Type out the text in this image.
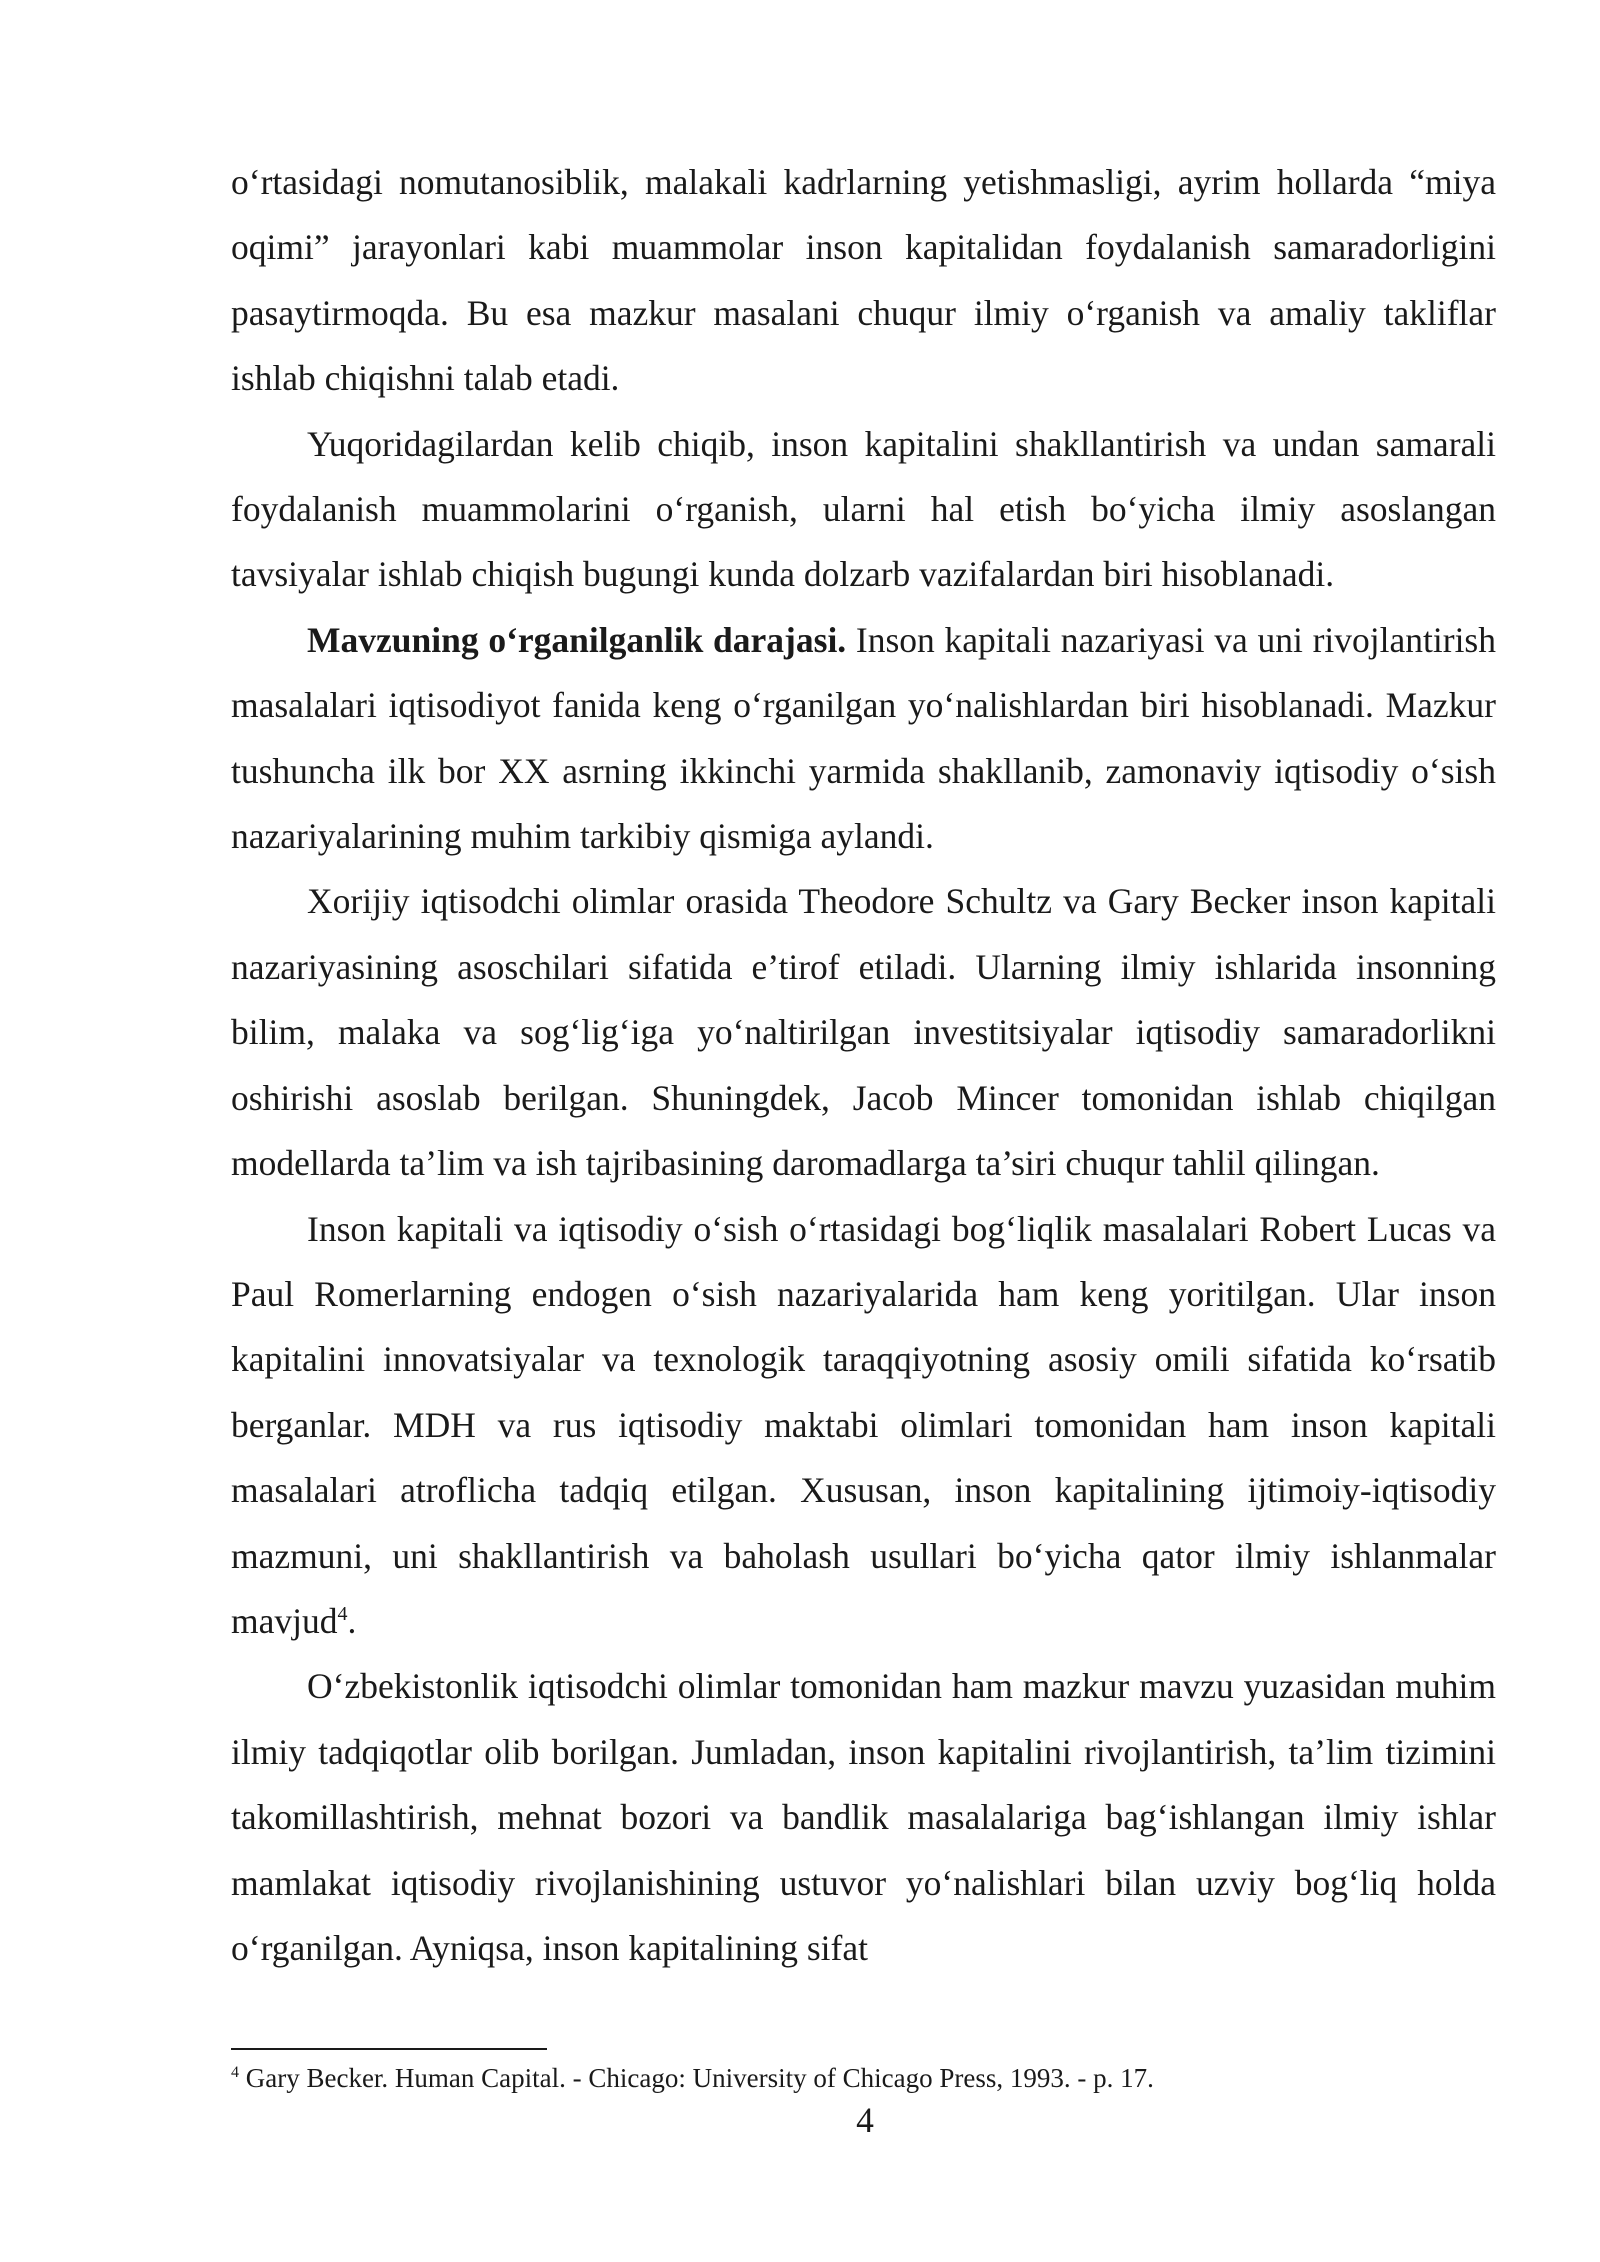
o‘rtasidagi nomutanosiblik, malakali kadrlarning yetishmasligi, ayrim hollarda “miya oqimi” jarayonlari kabi muammolar inson kapitalidan foydalanish samaradorligini pasaytirmoqda. Bu esa mazkur masalani chuqur ilmiy o‘rganish va amaliy takliflar ishlab chiqishni talab etadi.

Yuqoridagilardan kelib chiqib, inson kapitalini shakllantirish va undan samarali foydalanish muammolarini o‘rganish, ularni hal etish bo‘yicha ilmiy asoslangan tavsiyalar ishlab chiqish bugungi kunda dolzarb vazifalardan biri hisoblanadi.

Mavzuning o‘rganilganlik darajasi. Inson kapitali nazariyasi va uni rivojlantirish masalalari iqtisodiyot fanida keng o‘rganilgan yo‘nalishlardan biri hisoblanadi. Mazkur tushuncha ilk bor XX asrning ikkinchi yarmida shakllanib, zamonaviy iqtisodiy o‘sish nazariyalarining muhim tarkibiy qismiga aylandi.

Xorijiy iqtisodchi olimlar orasida Theodore Schultz va Gary Becker inson kapitali nazariyasining asoschilari sifatida e’tirof etiladi. Ularning ilmiy ishlarida insonning bilim, malaka va sog‘lig‘iga yo‘naltirilgan investitsiyalar iqtisodiy samaradorlikni oshirishi asoslab berilgan. Shuningdek, Jacob Mincer tomonidan ishlab chiqilgan modellarda ta’lim va ish tajribasining daromadlarga ta’siri chuqur tahlil qilingan.

Inson kapitali va iqtisodiy o‘sish o‘rtasidagi bog‘liqlik masalalari Robert Lucas va Paul Romerlarning endogen o‘sish nazariyalarida ham keng yoritilgan. Ular inson kapitalini innovatsiyalar va texnologik taraqqiyotning asosiy omili sifatida ko‘rsatib berganlar. MDH va rus iqtisodiy maktabi olimlari tomonidan ham inson kapitali masalalari atroflicha tadqiq etilgan. Xususan, inson kapitalining ijtimoiy-iqtisodiy mazmuni, uni shakllantirish va baholash usullari bo‘yicha qator ilmiy ishlanmalar mavjud$^4$.

O‘zbekistonlik iqtisodchi olimlar tomonidan ham mazkur mavzu yuzasidan muhim ilmiy tadqiqotlar olib borilgan. Jumladan, inson kapitalini rivojlantirish, ta’lim tizimini takomillashtirish, mehnat bozori va bandlik masalalariga bag‘ishlangan ilmiy ishlar mamlakat iqtisodiy rivojlanishining ustuvor yo‘nalishlari bilan uzviy bog‘liq holda o‘rganilgan. Ayniqsa, inson kapitalining sifat

$^4$ Gary Becker. Human Capital. - Chicago: University of Chicago Press, 1993. - p. 17.

4
